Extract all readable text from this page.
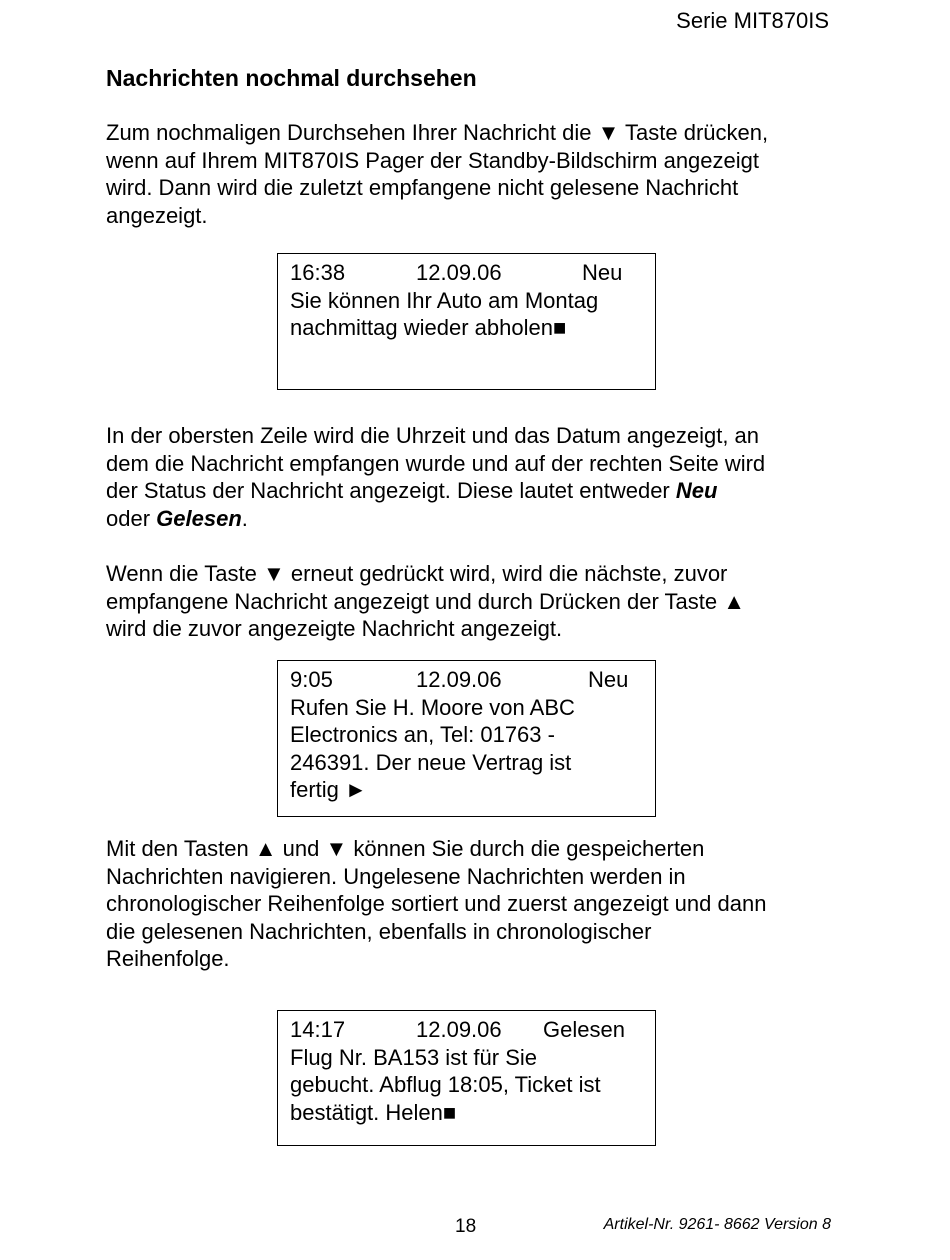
Serie MIT870IS
Nachrichten nochmal durchsehen
Zum nochmaligen Durchsehen Ihrer Nachricht die ▼ Taste drücken,
wenn auf Ihrem MIT870IS Pager der Standby-Bildschirm angezeigt
wird. Dann wird die zuletzt empfangene nicht gelesene Nachricht
angezeigt.
16:38	12.09.06	Neu
Sie können Ihr Auto am Montag
nachmittag wieder abholen■
In der obersten Zeile wird die Uhrzeit und das Datum angezeigt, an
dem die Nachricht empfangen wurde und auf der rechten Seite wird
der Status der Nachricht angezeigt. Diese lautet entweder Neu
oder Gelesen.
Wenn die Taste ▼ erneut gedrückt wird, wird die nächste, zuvor
empfangene Nachricht angezeigt und durch Drücken der Taste ▲
wird die zuvor angezeigte Nachricht angezeigt.
9:05	12.09.06	Neu
Rufen Sie H. Moore von ABC
Electronics an, Tel: 01763 -
246391. Der neue Vertrag ist
fertig ►
Mit den Tasten ▲ und ▼ können Sie durch die gespeicherten
Nachrichten navigieren. Ungelesene Nachrichten werden in
chronologischer Reihenfolge sortiert und zuerst angezeigt und dann
die gelesenen Nachrichten, ebenfalls in chronologischer
Reihenfolge.
14:17	12.09.06 Gelesen
Flug Nr. BA153 ist für Sie
gebucht. Abflug 18:05, Ticket ist
bestätigt. Helen■
18	Artikel-Nr. 9261- 8662 Version 8
